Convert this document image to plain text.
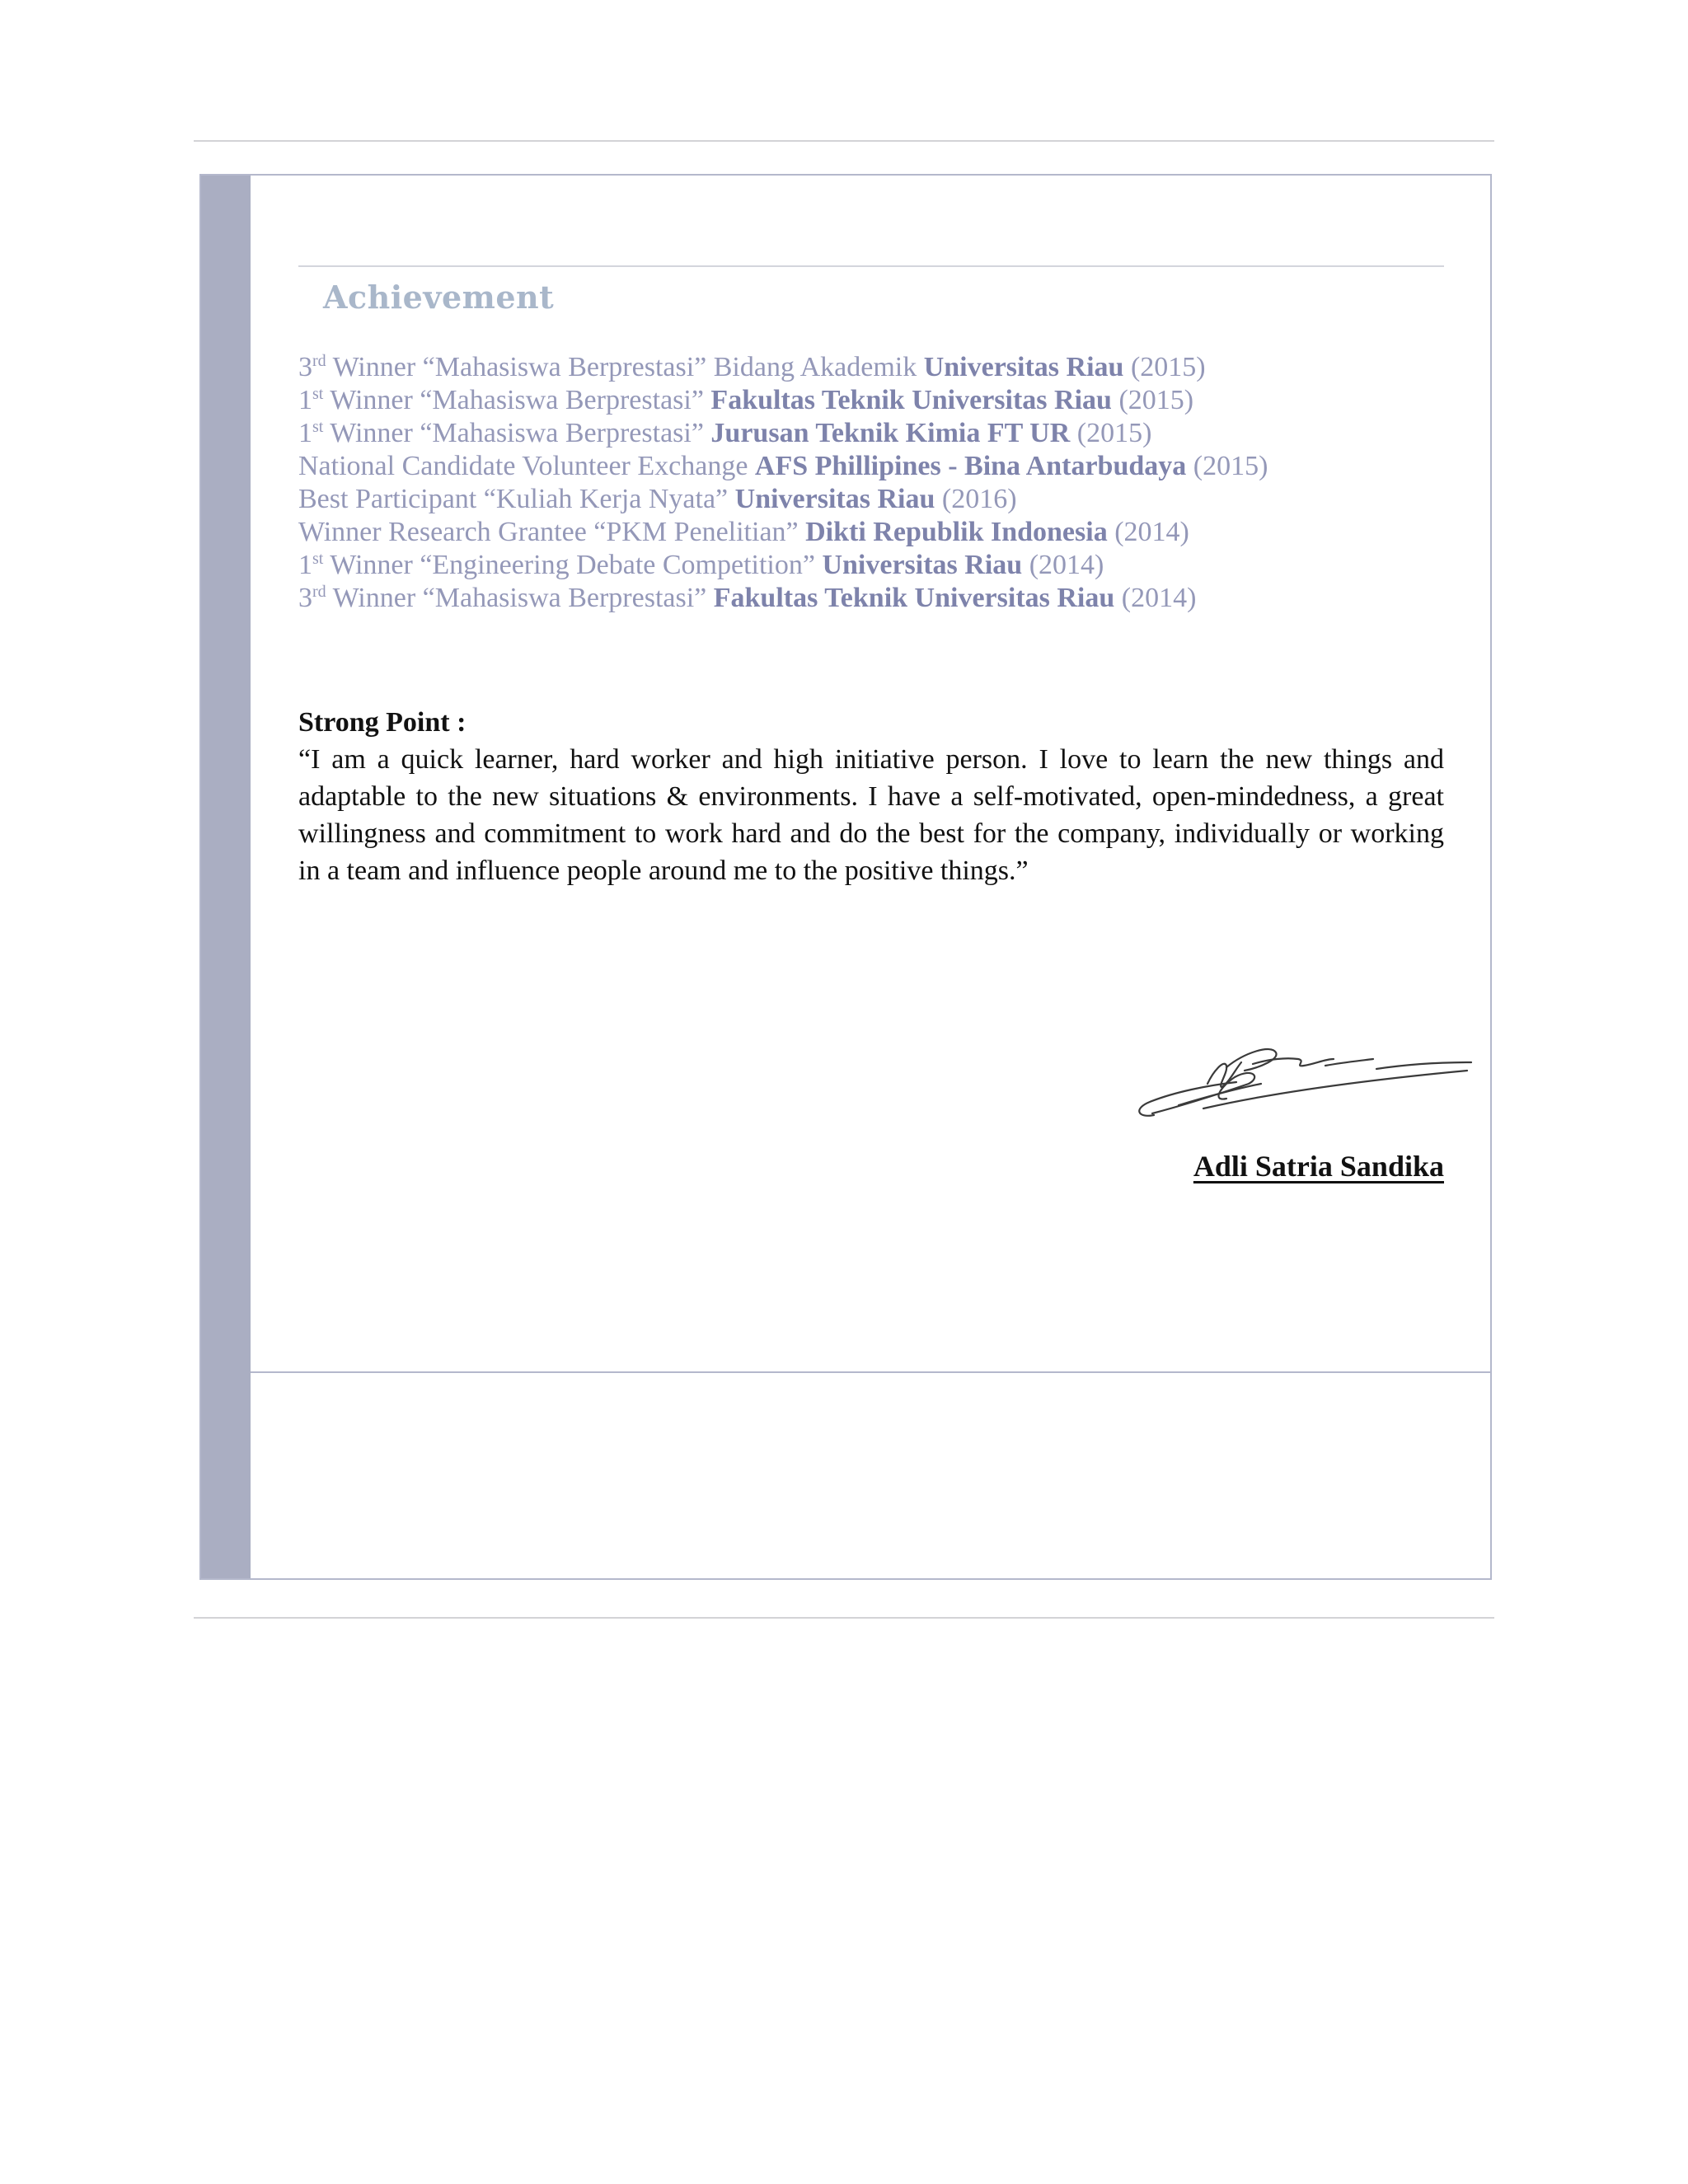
Achievement
3rd Winner “Mahasiswa Berprestasi” Bidang Akademik Universitas Riau (2015)
1st Winner “Mahasiswa Berprestasi” Fakultas Teknik Universitas Riau (2015)
1st Winner “Mahasiswa Berprestasi” Jurusan Teknik Kimia FT UR (2015)
National Candidate Volunteer Exchange AFS Phillipines - Bina Antarbudaya (2015)
Best Participant “Kuliah Kerja Nyata” Universitas Riau (2016)
Winner Research Grantee “PKM Penelitian” Dikti Republik Indonesia (2014)
1st Winner “Engineering Debate Competition” Universitas Riau (2014)
3rd Winner “Mahasiswa Berprestasi” Fakultas Teknik Universitas Riau (2014)
Strong Point :
“I am a quick learner, hard worker and high initiative person. I love to learn the new things and adaptable to the new situations & environments. I have a self-motivated, open-mindedness, a great willingness and commitment to work hard and do the best for the company, individually or working in a team and influence people around me to the positive things.”
Adli Satria Sandika
